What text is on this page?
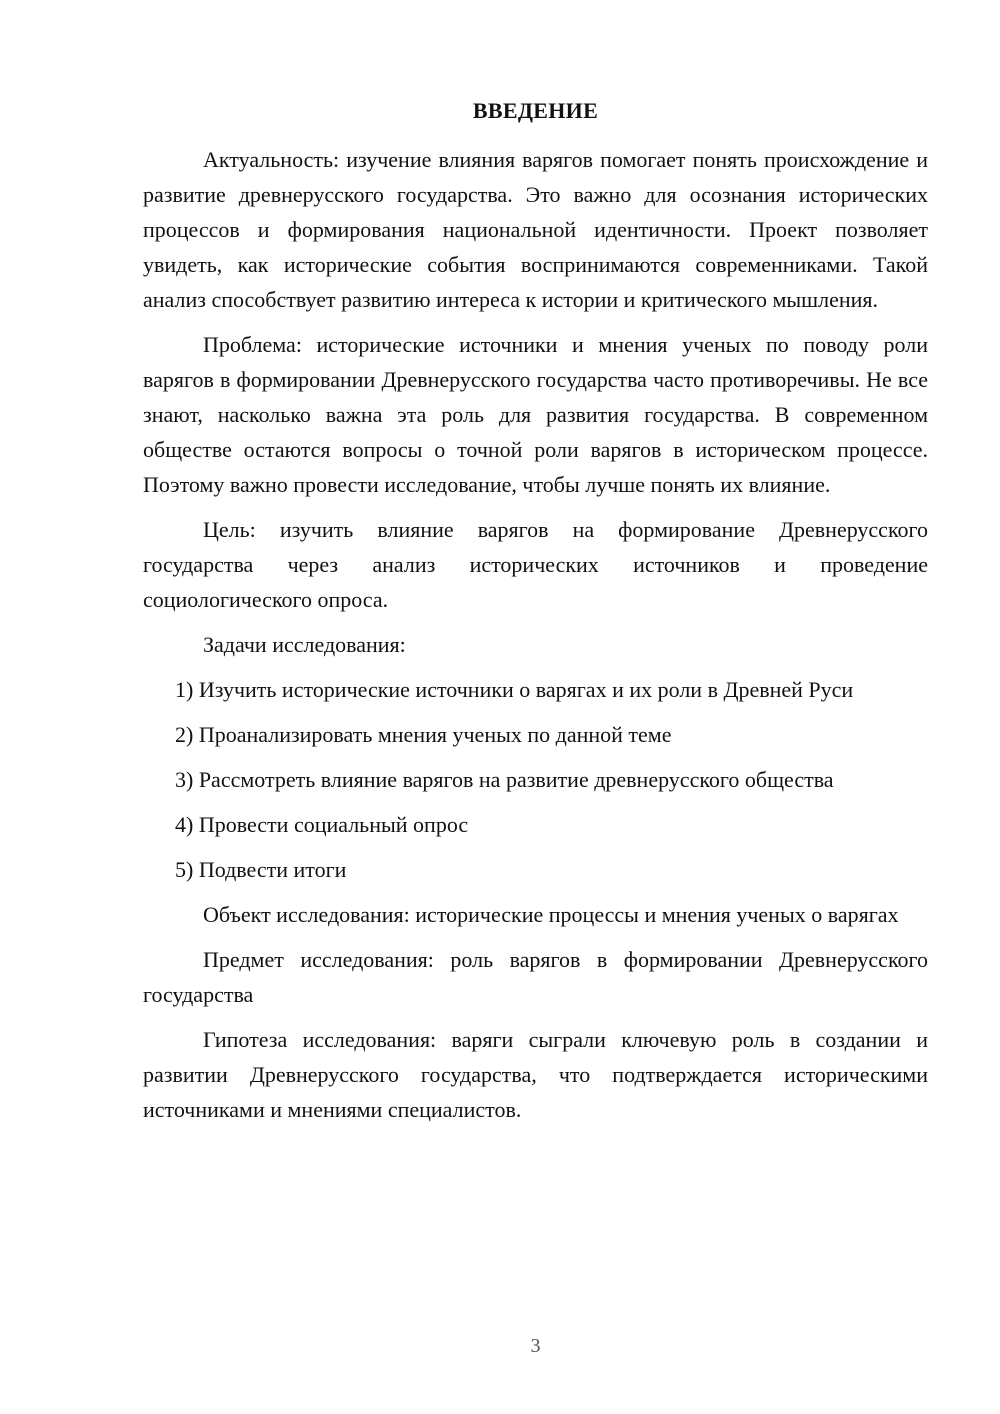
ВВЕДЕНИЕ

Актуальность: изучение влияния варягов помогает понять происхождение и развитие древнерусского государства. Это важно для осознания исторических процессов и формирования национальной идентичности. Проект позволяет увидеть, как исторические события воспринимаются современниками. Такой анализ способствует развитию интереса к истории и критического мышления.

Проблема: исторические источники и мнения ученых по поводу роли варягов в формировании Древнерусского государства часто противоречивы. Не все знают, насколько важна эта роль для развития государства. В современном обществе остаются вопросы о точной роли варягов в историческом процессе. Поэтому важно провести исследование, чтобы лучше понять их влияние.

Цель: изучить влияние варягов на формирование Древнерусского государства через анализ исторических источников и проведение социологического опроса.

Задачи исследования:

1) Изучить исторические источники о варягах и их роли в Древней Руси

2) Проанализировать мнения ученых по данной теме

3) Рассмотреть влияние варягов на развитие древнерусского общества

4) Провести социальный опрос

5) Подвести итоги

Объект исследования: исторические процессы и мнения ученых о варягах

Предмет исследования: роль варягов в формировании Древнерусского государства

Гипотеза исследования: варяги сыграли ключевую роль в создании и развитии Древнерусского государства, что подтверждается историческими источниками и мнениями специалистов.

3
